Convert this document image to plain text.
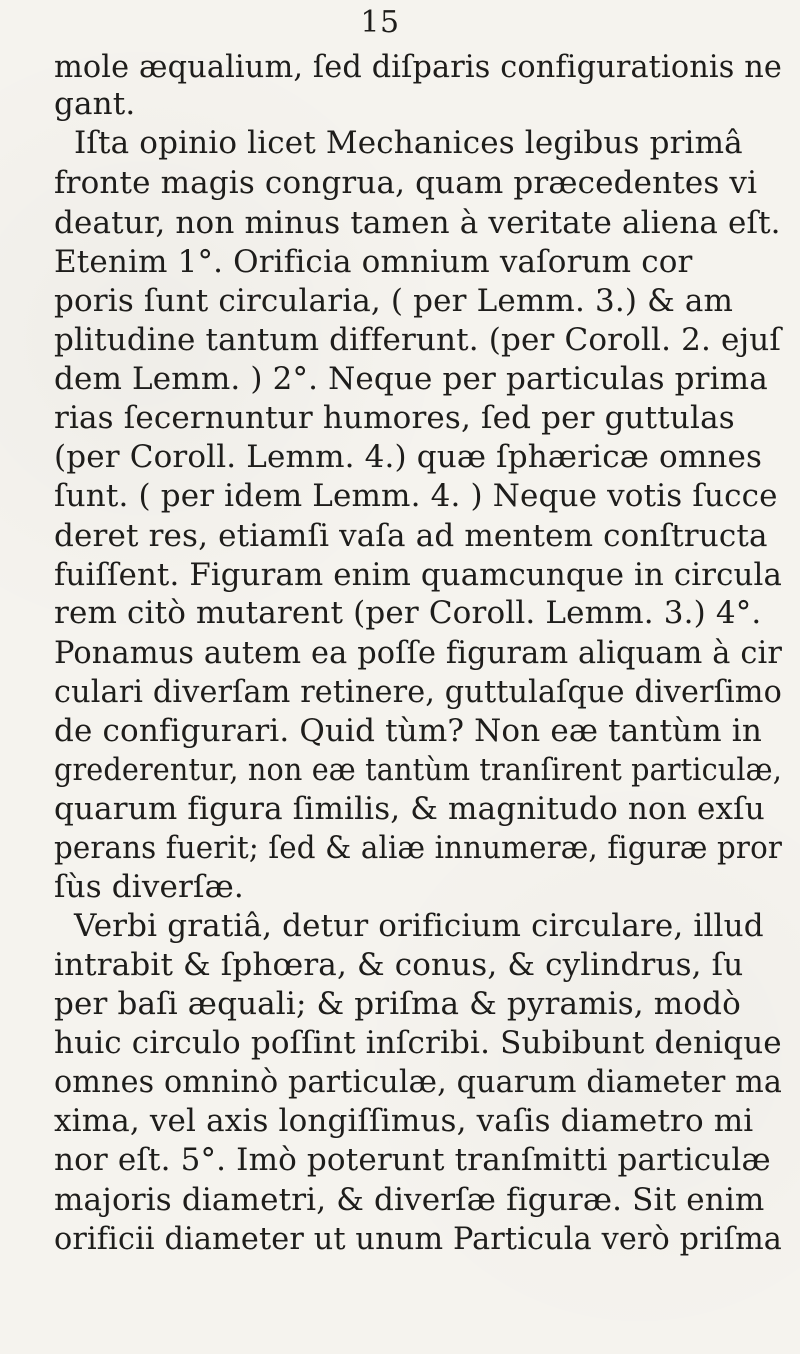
15
mole æqualium, ſed diſparis configurationis ne
gant.
Iſta opinio licet Mechanices legibus primâ
fronte magis congrua, quam præcedentes vi
deatur, non minus tamen à veritate aliena eſt.
Etenim 1°. Orificia omnium vaſorum cor
poris ſunt circularia, ( per Lemm. 3.) & am
plitudine tantum differunt. (per Coroll. 2. ejuſ
dem Lemm. ) 2°. Neque per particulas prima
rias ſecernuntur humores, ſed per guttulas
(per Coroll. Lemm. 4.) quæ ſphæricæ omnes
ſunt. ( per idem Lemm. 4. ) Neque votis ſucce
deret res, etiamſi vaſa ad mentem conſtructa
fuiſſent. Figuram enim quamcunque in circula
rem citò mutarent (per Coroll. Lemm. 3.) 4°.
Ponamus autem ea poſſe figuram aliquam à cir
culari diverſam retinere, guttulaſque diverſimo
de configurari. Quid tùm? Non eæ tantùm in
grederentur, non eæ tantùm tranſirent particulæ,
quarum figura ſimilis, & magnitudo non exſu
perans fuerit; ſed & aliæ innumeræ, figuræ pror
ſùs diverſæ.
Verbi gratiâ, detur orificium circulare, illud
intrabit & ſphœra, & conus, & cylindrus, ſu
per baſi æquali; & priſma & pyramis, modò
huic circulo poſſint inſcribi. Subibunt denique
omnes omninò particulæ, quarum diameter ma
xima, vel axis longiſſimus, vaſis diametro mi
nor eſt. 5°. Imò poterunt tranſmitti particulæ
majoris diametri, & diverſæ figuræ. Sit enim
orificii diameter ut unum Particula verò priſma
